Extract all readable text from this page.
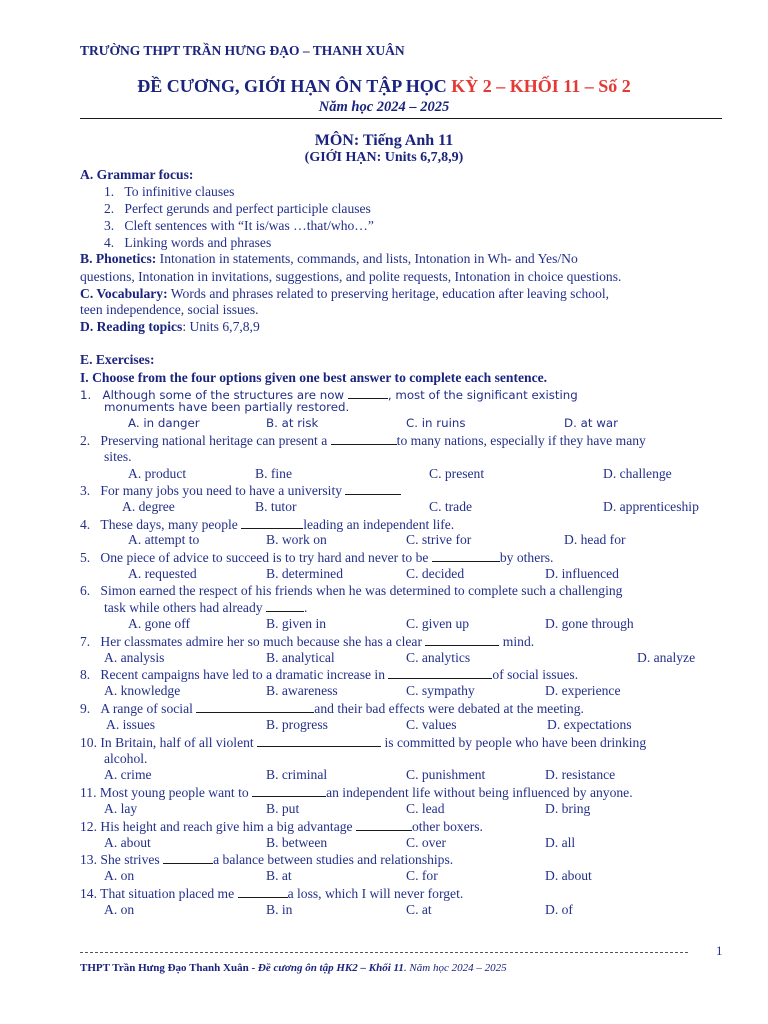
TRƯỜNG THPT TRẦN HƯNG ĐẠO – THANH XUÂN
ĐỀ CƯƠNG, GIỚI HẠN ÔN TẬP HỌC KỲ 2 – KHỐI 11 – Số 2
Năm học 2024 – 2025
MÔN: Tiếng Anh 11
(GIỚI HẠN: Units 6,7,8,9)
A. Grammar focus:
1.   To infinitive clauses
2.   Perfect gerunds and perfect participle clauses
3.   Cleft sentences with “It is/was …that/who…”
4.   Linking words and phrases
B. Phonetics: Intonation in statements, commands, and lists, Intonation in Wh- and Yes/No
questions, Intonation in invitations, suggestions, and polite requests, Intonation in choice questions.
C. Vocabulary: Words and phrases related to preserving heritage, education after leaving school,
teen independence, social issues.
D. Reading topics: Units 6,7,8,9
E. Exercises:
I. Choose from the four options given one best answer to complete each sentence.
1. Although some of the structures are now	, most of the significant existing
monuments have been partially restored.
A. in danger	B. at risk	C. in ruins	D. at war
2. Preserving national heritage can present a	to many nations, especially if they have many
sites.
A. product	B. fine	C. present	D. challenge
3. For many jobs you need to have a university
A. degree	B. tutor	C. trade	D. apprenticeship
4. These days, many people	leading an independent life.
A. attempt to	B. work on	C. strive for	D. head for
5. One piece of advice to succeed is to try hard and never to be	by others.
A. requested	B. determined	C. decided	D. influenced
6. Simon earned the respect of his friends when he was determined to complete such a challenging
task while others had already	.
A. gone off	B. given in	C. given up	D. gone through
7. Her classmates admire her so much because she has a clear	mind.
A. analysis	B. analytical	C. analytics	D. analyze
8. Recent campaigns have led to a dramatic increase in	of social issues.
A. knowledge	B. awareness	C. sympathy	D. experience
9. A range of social	and their bad effects were debated at the meeting.
A. issues	B. progress	C. values	D. expectations
10. In Britain, half of all violent	is committed by people who have been drinking
alcohol.
A. crime	B. criminal	C. punishment	D. resistance
11. Most young people want to	an independent life without being influenced by anyone.
A. lay	B. put	C. lead	D. bring
12. His height and reach give him a big advantage	other boxers.
A. about	B. between	C. over	D. all
13. She strives	a balance between studies and relationships.
A. on	B. at	C. for	D. about
14. That situation placed me	a loss, which I will never forget.
A. on	B. in	C. at	D. of
1
THPT Trần Hưng Đạo Thanh Xuân - Đề cương ôn tập HK2 – Khối 11. Năm học 2024 – 2025
